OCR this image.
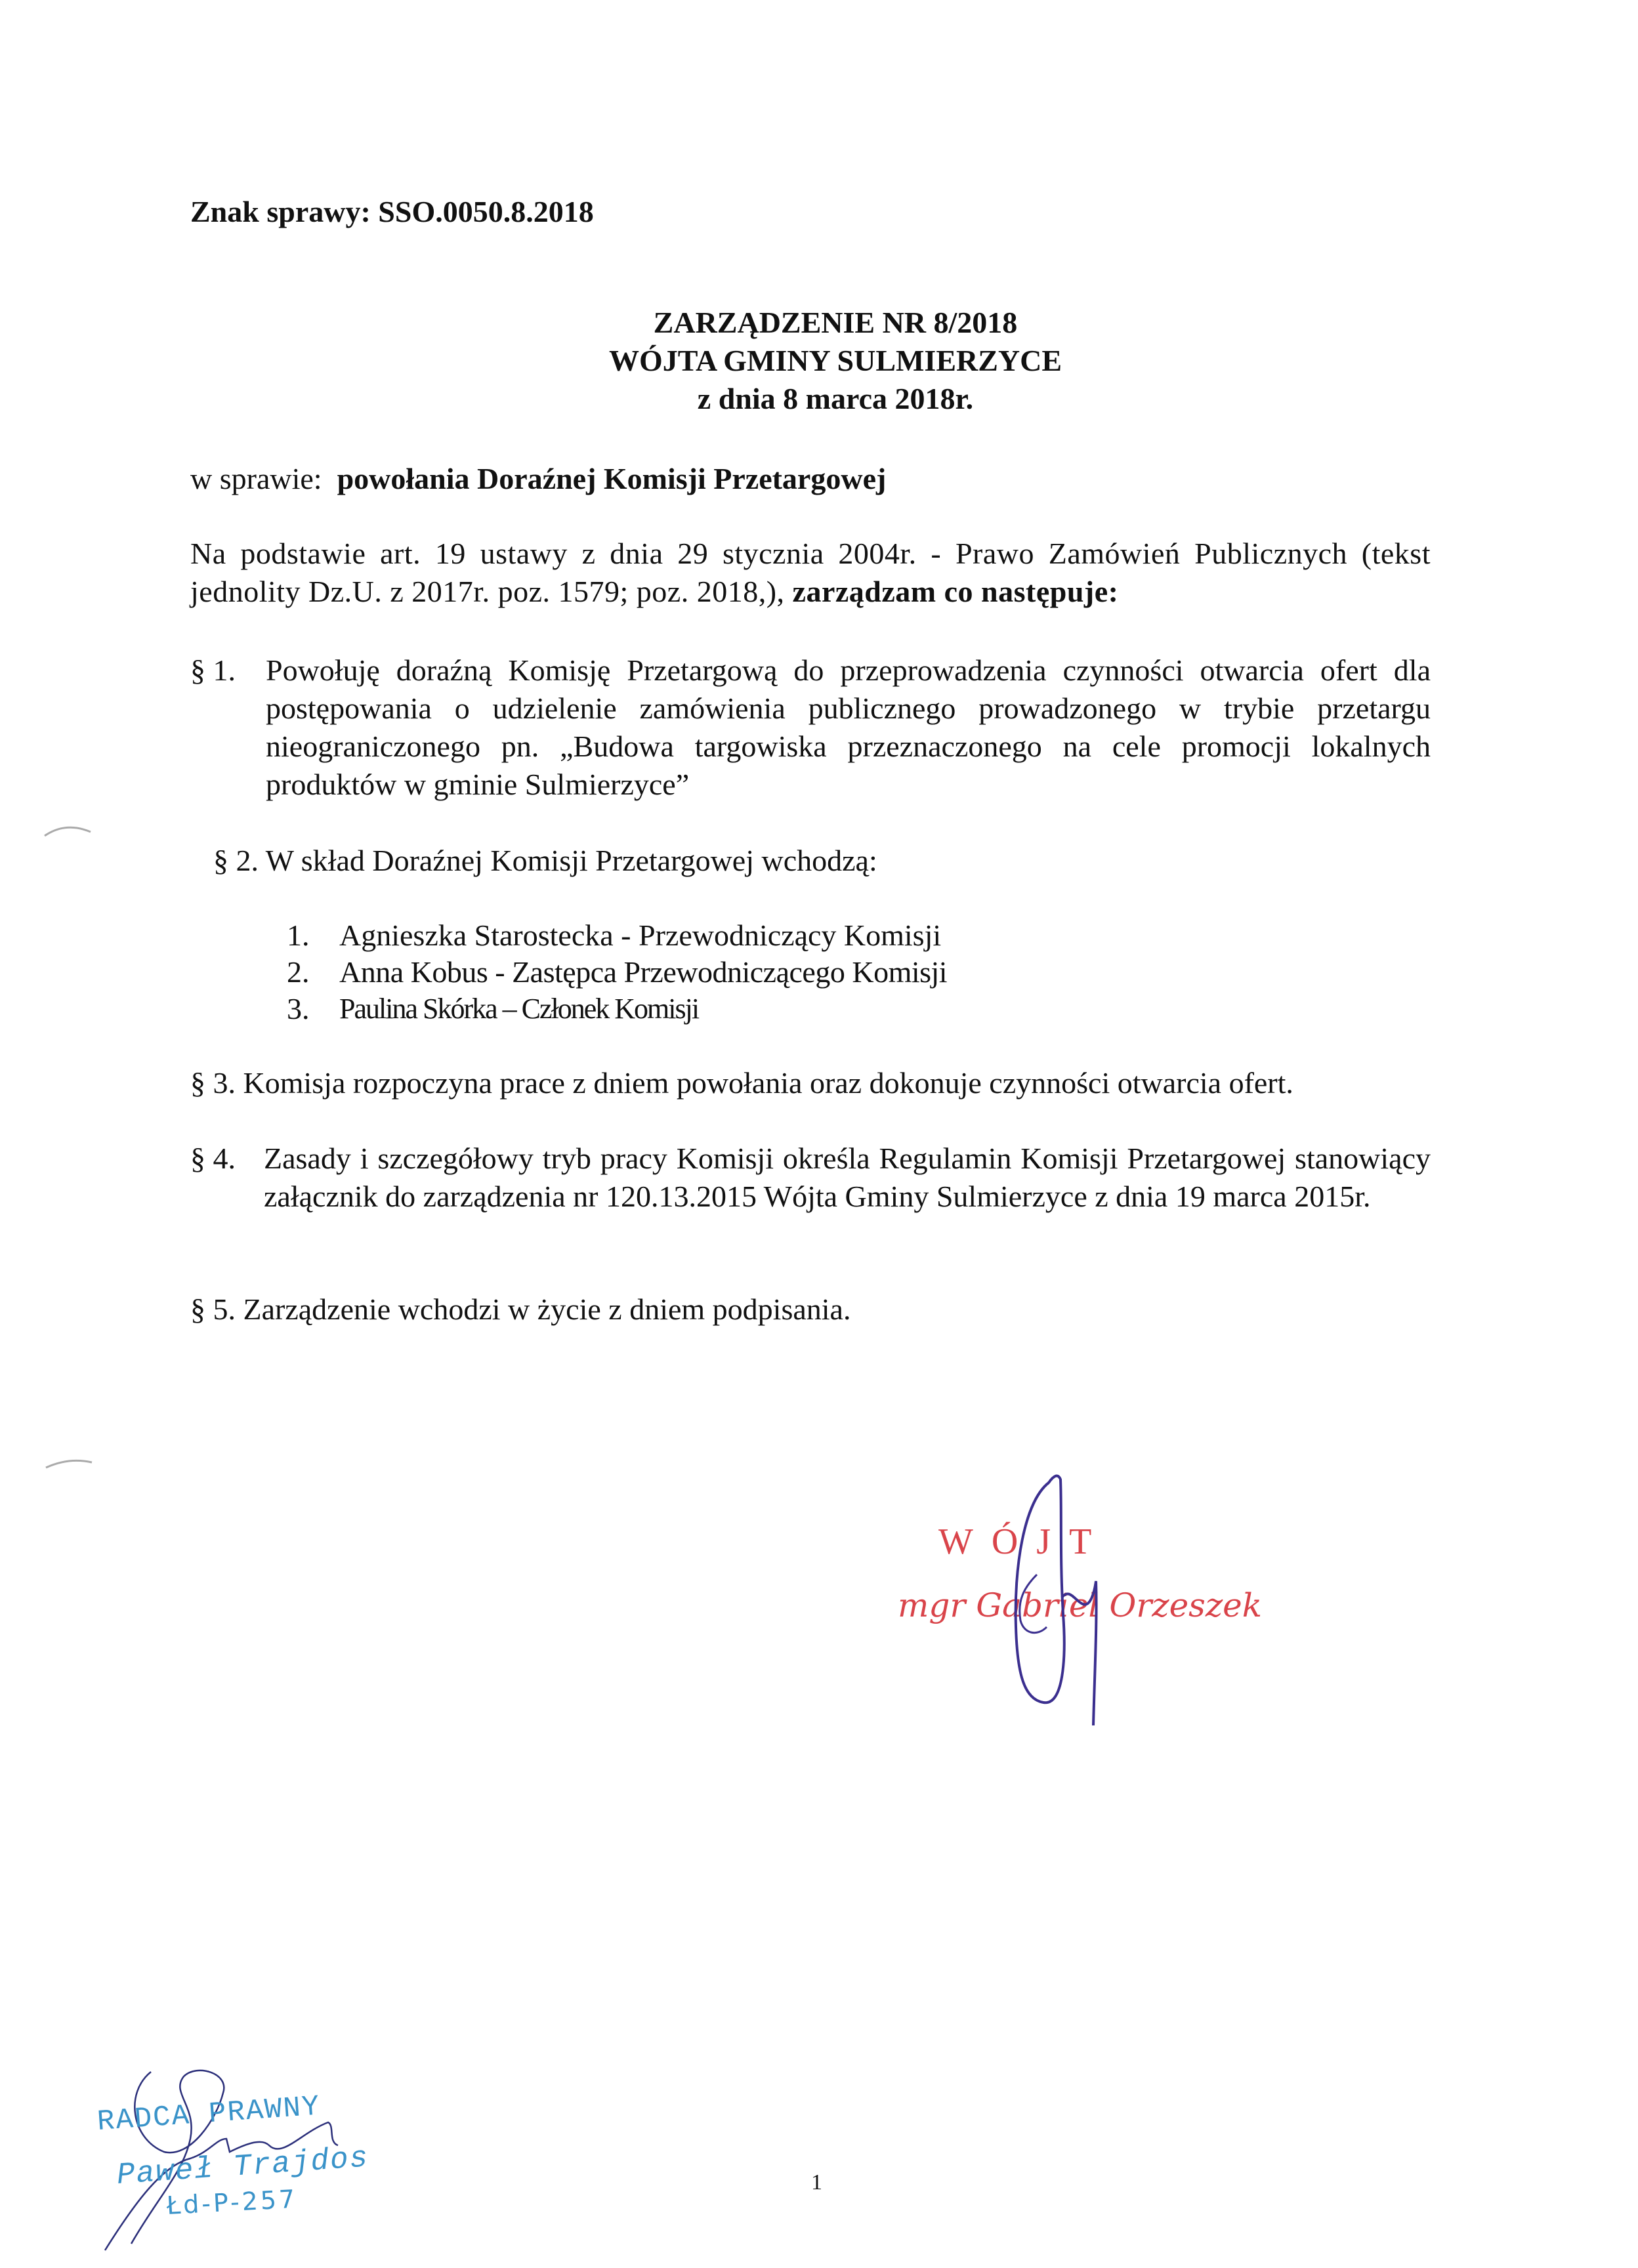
Znak sprawy: SSO.0050.8.2018
ZARZĄDZENIE NR 8/2018
WÓJTA GMINY SULMIERZYCE
z dnia 8 marca 2018r.
w sprawie: powołania Doraźnej Komisji Przetargowej
Na podstawie art. 19 ustawy z dnia 29 stycznia 2004r. - Prawo Zamówień Publicznych (tekst jednolity Dz.U. z 2017r. poz. 1579; poz. 2018,), zarządzam co następuje:
§ 1. Powołuję doraźną Komisję Przetargową do przeprowadzenia czynności otwarcia ofert dla postępowania o udzielenie zamówienia publicznego prowadzonego w trybie przetargu nieograniczonego pn. „Budowa targowiska przeznaczonego na cele promocji lokalnych produktów w gminie Sulmierzyce”
§ 2. W skład Doraźnej Komisji Przetargowej wchodzą:
1. Agnieszka Starostecka - Przewodniczący Komisji
2. Anna Kobus - Zastępca Przewodniczącego Komisji
3.	Paulina Skórka – Członek Komisji
§ 3. Komisja rozpoczyna prace z dniem powołania oraz dokonuje czynności otwarcia ofert.
§ 4. Zasady i szczegółowy tryb pracy Komisji określa Regulamin Komisji Przetargowej stanowiący załącznik do zarządzenia nr 120.13.2015 Wójta Gminy Sulmierzyce z dnia 19 marca 2015r.
§ 5. Zarządzenie wchodzi w życie z dniem podpisania.
WÓJT
mgr Gabriel Orzeszek
RADCA PRAWNY
Paweł Trajdos
Łd-P-257
1
